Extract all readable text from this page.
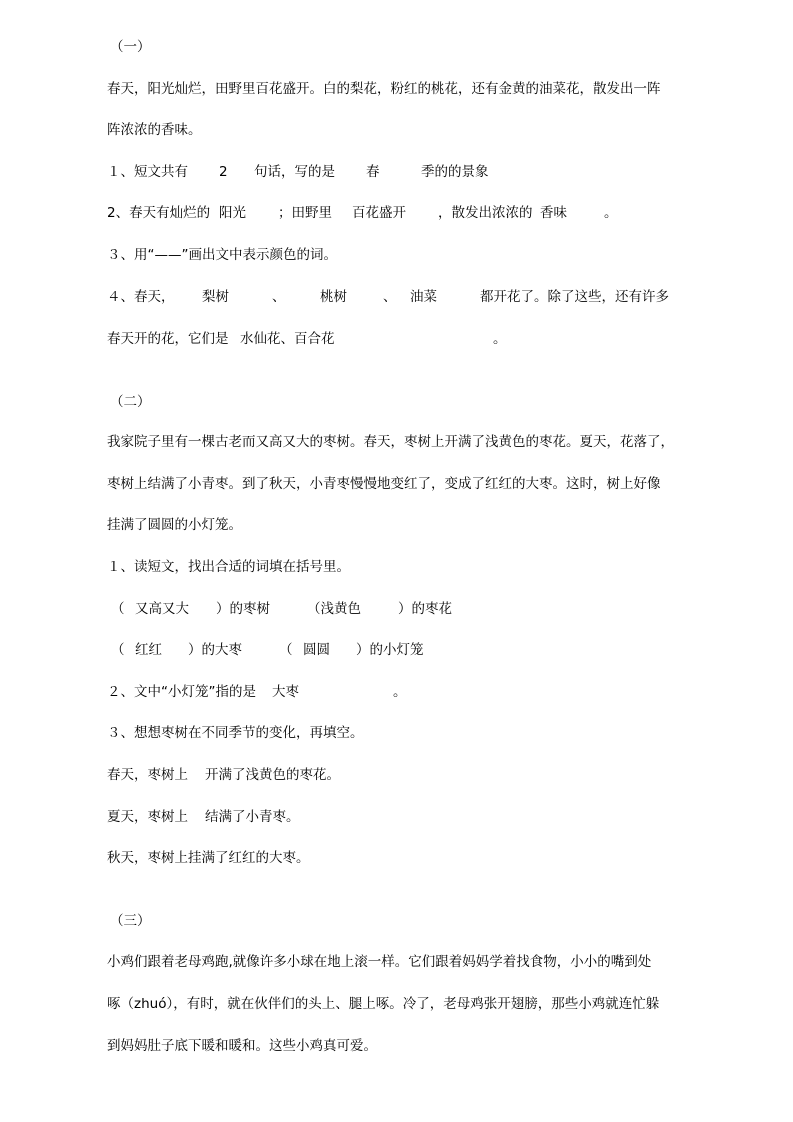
（一）
春天，阳光灿烂，田野里百花盛开。白的梨花，粉红的桃花，还有金黄的油菜花，散发出一阵
阵浓浓的香味。
１、短文共有 2 句话，写的是 春	季的的景象
2、春天有灿烂的 阳光 ；田野里 百花盛开 ，散发出浓浓的 香味	。
３、用“——”画出文中表示颜色的词。
４、春天， 梨树	、	桃树	、 油菜	都开花了。除了这些，还有许多
春天开的花，它们是 水仙花、百合花	。
（二）
我家院子里有一棵古老而又高又大的枣树。春天，枣树上开满了浅黄色的枣花。夏天，花落了，
枣树上结满了小青枣。到了秋天，小青枣慢慢地变红了，变成了红红的大枣。这时，树上好像
挂满了圆圆的小灯笼。
１、读短文，找出合适的词填在括号里。
（ 又高又大 ）的枣树	（浅黄色	）的枣花
（ 红红 ）的大枣	（ 圆圆 ）的小灯笼
２、文中“小灯笼”指的是 大枣	。
３、想想枣树在不同季节的变化，再填空。
春天，枣树上 开满了浅黄色的枣花。
夏天，枣树上 结满了小青枣。
秋天，枣树上挂满了红红的大枣。
（三）
小鸡们跟着老母鸡跑,就像许多小球在地上滚一样。它们跟着妈妈学着找食物，小小的嘴到处
啄（zhuó），有时，就在伙伴们的头上、腿上啄。冷了，老母鸡张开翅膀，那些小鸡就连忙躲
到妈妈肚子底下暖和暖和。这些小鸡真可爱。
